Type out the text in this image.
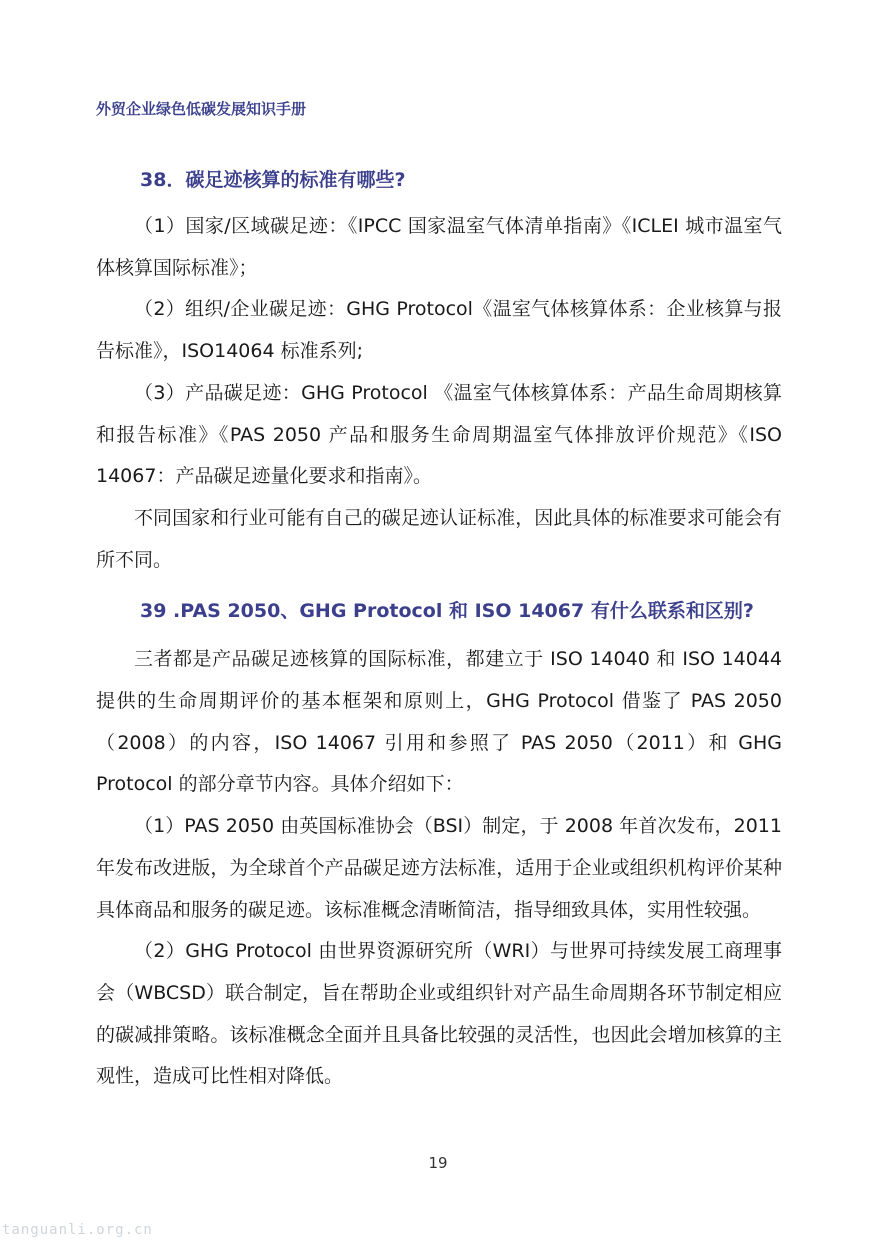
外贸企业绿色低碳发展知识手册
38．碳足迹核算的标准有哪些?

（1）国家/区域碳足迹：《IPCC 国家温室气体清单指南》《ICLEI 城市温室气体核算国际标准》；

（2）组织/企业碳足迹：GHG Protocol《温室气体核算体系：企业核算与报告标准》，ISO14064 标准系列;

（3）产品碳足迹：GHG Protocol 《温室气体核算体系：产品生命周期核算和报告标准》《PAS 2050 产品和服务生命周期温室气体排放评价规范》《ISO 14067：产品碳足迹量化要求和指南》。

不同国家和行业可能有自己的碳足迹认证标准，因此具体的标准要求可能会有所不同。

39 .PAS 2050、GHG Protocol 和 ISO 14067 有什么联系和区别?

三者都是产品碳足迹核算的国际标准，都建立于 ISO 14040 和 ISO 14044 提供的生命周期评价的基本框架和原则上，GHG Protocol 借鉴了 PAS 2050（2008）的内容，ISO 14067 引用和参照了 PAS 2050（2011）和 GHG Protocol 的部分章节内容。具体介绍如下：

（1）PAS 2050 由英国标准协会（BSI）制定，于 2008 年首次发布，2011 年发布改进版，为全球首个产品碳足迹方法标准，适用于企业或组织机构评价某种具体商品和服务的碳足迹。该标准概念清晰简洁，指导细致具体，实用性较强。

（2）GHG Protocol 由世界资源研究所（WRI）与世界可持续发展工商理事会（WBCSD）联合制定，旨在帮助企业或组织针对产品生命周期各环节制定相应的碳减排策略。该标准概念全面并且具备比较强的灵活性，也因此会增加核算的主观性，造成可比性相对降低。

19
tanguanli.org.cn
